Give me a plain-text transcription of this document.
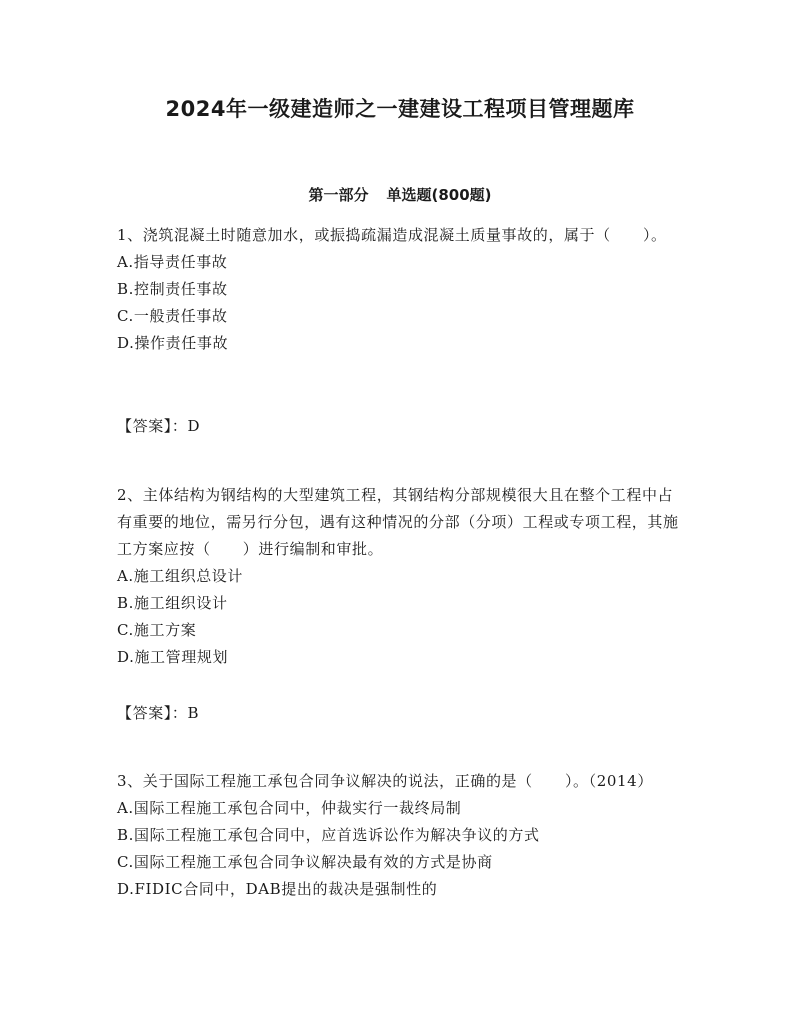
2024年一级建造师之一建建设工程项目管理题库
第一部分 单选题(800题)
1、浇筑混凝土时随意加水，或振捣疏漏造成混凝土质量事故的，属于（      ）。
A.指导责任事故
B.控制责任事故
C.一般责任事故
D.操作责任事故
【答案】：D
2、主体结构为钢结构的大型建筑工程，其钢结构分部规模很大且在整个工程中占有重要的地位，需另行分包，遇有这种情况的分部（分项）工程或专项工程，其施工方案应按（      ）进行编制和审批。
A.施工组织总设计
B.施工组织设计
C.施工方案
D.施工管理规划
【答案】：B
3、关于国际工程施工承包合同争议解决的说法，正确的是（      ）。（2014）
A.国际工程施工承包合同中，仲裁实行一裁终局制
B.国际工程施工承包合同中，应首选诉讼作为解决争议的方式
C.国际工程施工承包合同争议解决最有效的方式是协商
D.FIDIC合同中，DAB提出的裁决是强制性的
